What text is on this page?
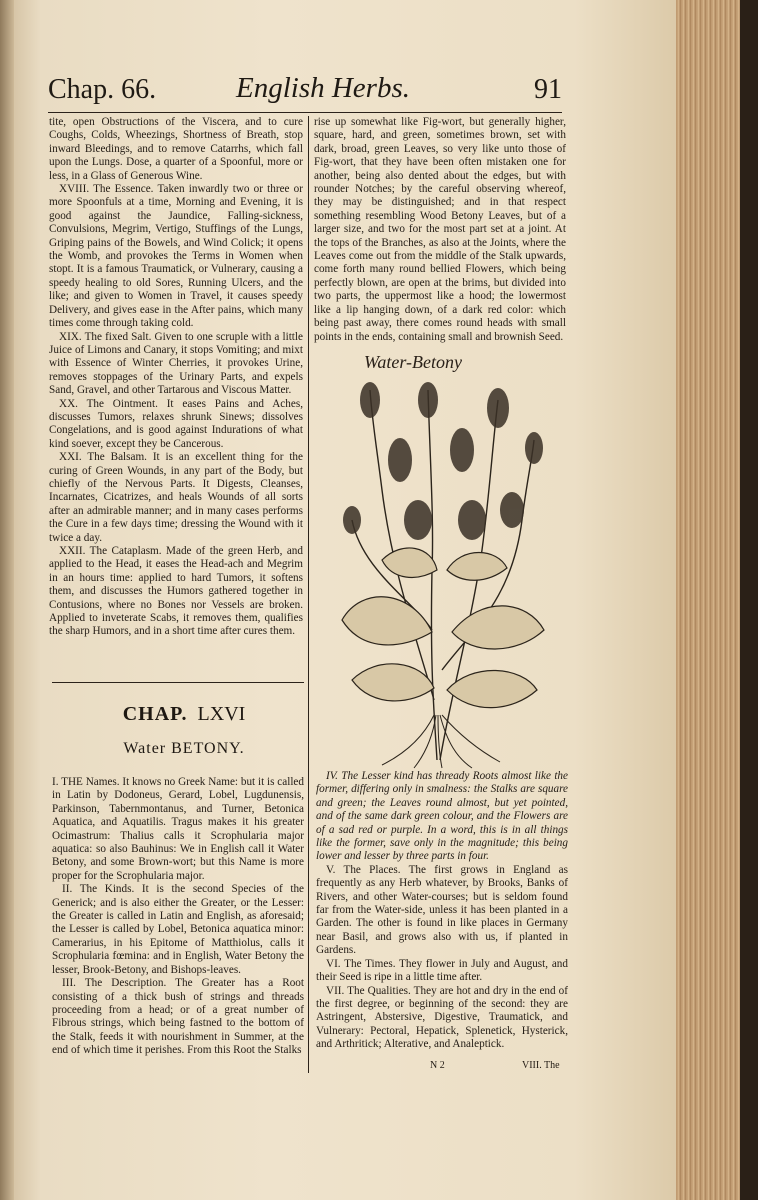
Chap. 66.	English Herbs.	91

tite, open Obstructions of the Viscera, and to cure Coughs, Colds, Wheezings, Shortness of Breath, stop inward Bleedings, and to remove Catarrhs, which fall upon the Lungs. Dose, a quarter of a Spoonful, more or less, in a Glass of Generous Wine.

XVIII. The Essence. Taken inwardly two or three or more Spoonfuls at a time, Morning and Evening, it is good against the Jaundice, Falling-sickness, Convulsions, Megrim, Vertigo, Stuffings of the Lungs, Griping pains of the Bowels, and Wind Colick; it opens the Womb, and provokes the Terms in Women when stopt. It is a famous Traumatick, or Vulnerary, causing a speedy healing to old Sores, Running Ulcers, and the like; and given to Women in Travel, it causes speedy Delivery, and gives ease in the After pains, which many times come through taking cold.

XIX. The fixed Salt. Given to one scruple with a little Juice of Limons and Canary, it stops Vomiting; and mixt with Essence of Winter Cherries, it provokes Urine, removes stoppages of the Urinary Parts, and expels Sand, Gravel, and other Tartarous and Viscous Matter.

XX. The Ointment. It eases Pains and Aches, discusses Tumors, relaxes shrunk Sinews; dissolves Congelations, and is good against Indurations of what kind soever, except they be Cancerous.

XXI. The Balsam. It is an excellent thing for the curing of Green Wounds, in any part of the Body, but chiefly of the Nervous Parts. It Digests, Cleanses, Incarnates, Cicatrizes, and heals Wounds of all sorts after an admirable manner; and in many cases performs the Cure in a few days time; dressing the Wound with it twice a day.

XXII. The Cataplasm. Made of the green Herb, and applied to the Head, it eases the Head-ach and Megrim in an hours time: applied to hard Tumors, it softens them, and discusses the Humors gathered together in Contusions, where no Bones nor Vessels are broken. Applied to inveterate Scabs, it removes them, qualifies the sharp Humors, and in a short time after cures them.

rise up somewhat like Fig-wort, but generally higher, square, hard, and green, sometimes brown, set with dark, broad, green Leaves, so very like unto those of Fig-wort, that they have been often mistaken one for another, being also dented about the edges, but with rounder Notches; by the careful observing whereof, they may be distinguished; and in that respect something resembling Wood Betony Leaves, but of a larger size, and two for the most part set at a joint. At the tops of the Branches, as also at the Joints, where the Leaves come out from the middle of the Stalk upwards, come forth many round bellied Flowers, which being perfectly blown, are open at the brims, but divided into two parts, the uppermost like a hood; the lowermost like a lip hanging down, of a dark red color: which being past away, there comes round heads with small points in the ends, containing small and brownish Seed.

Water-Betony
CHAP. LXVI
Water BETONY.

I. THE Names. It knows no Greek Name: but it is called in Latin by Dodoneus, Gerard, Lobel, Lugdunensis, Parkinson, Tabernmontanus, and Turner, Betonica Aquatica, and Aquatilis. Tragus makes it his greater Ocimastrum: Thalius calls it Scrophularia major aquatica: so also Bauhinus: We in English call it Water Betony, and some Brown-wort; but this Name is more proper for the Scrophularia major.

II. The Kinds. It is the second Species of the Generick; and is also either the Greater, or the Lesser: the Greater is called in Latin and English, as aforesaid; the Lesser is called by Lobel, Betonica aquatica minor: Camerarius, in his Epitome of Matthiolus, calls it Scrophularia fœmina: and in English, Water Betony the lesser, Brook-Betony, and Bishops-leaves.

III. The Description. The Greater has a Root consisting of a thick bush of strings and threads proceeding from a head; or of a great number of Fibrous strings, which being fastned to the bottom of the Stalk, feeds it with nourishment in Summer, at the end of which time it perishes. From this Root the Stalks

IV. The Lesser kind has thready Roots almost like the former, differing only in smalness: the Stalks are square and green; the Leaves round almost, but yet pointed, and of the same dark green colour, and the Flowers are of a sad red or purple. In a word, this is in all things like the former, save only in the magnitude; this being lower and lesser by three parts in four.

V. The Places. The first grows in England as frequently as any Herb whatever, by Brooks, Banks of Rivers, and other Water-courses; but is seldom found far from the Water-side, unless it has been planted in a Garden. The other is found in like places in Germany near Basil, and grows also with us, if planted in Gardens.

VI. The Times. They flower in July and August, and their Seed is ripe in a little time after.

VII. The Qualities. They are hot and dry in the end of the first degree, or beginning of the second: they are Astringent, Abstersive, Digestive, Traumatick, and Vulnerary: Pectoral, Hepatick, Splenetick, Hysterick, and Arthritick; Alterative, and Analeptick.

N 2	VIII. The
